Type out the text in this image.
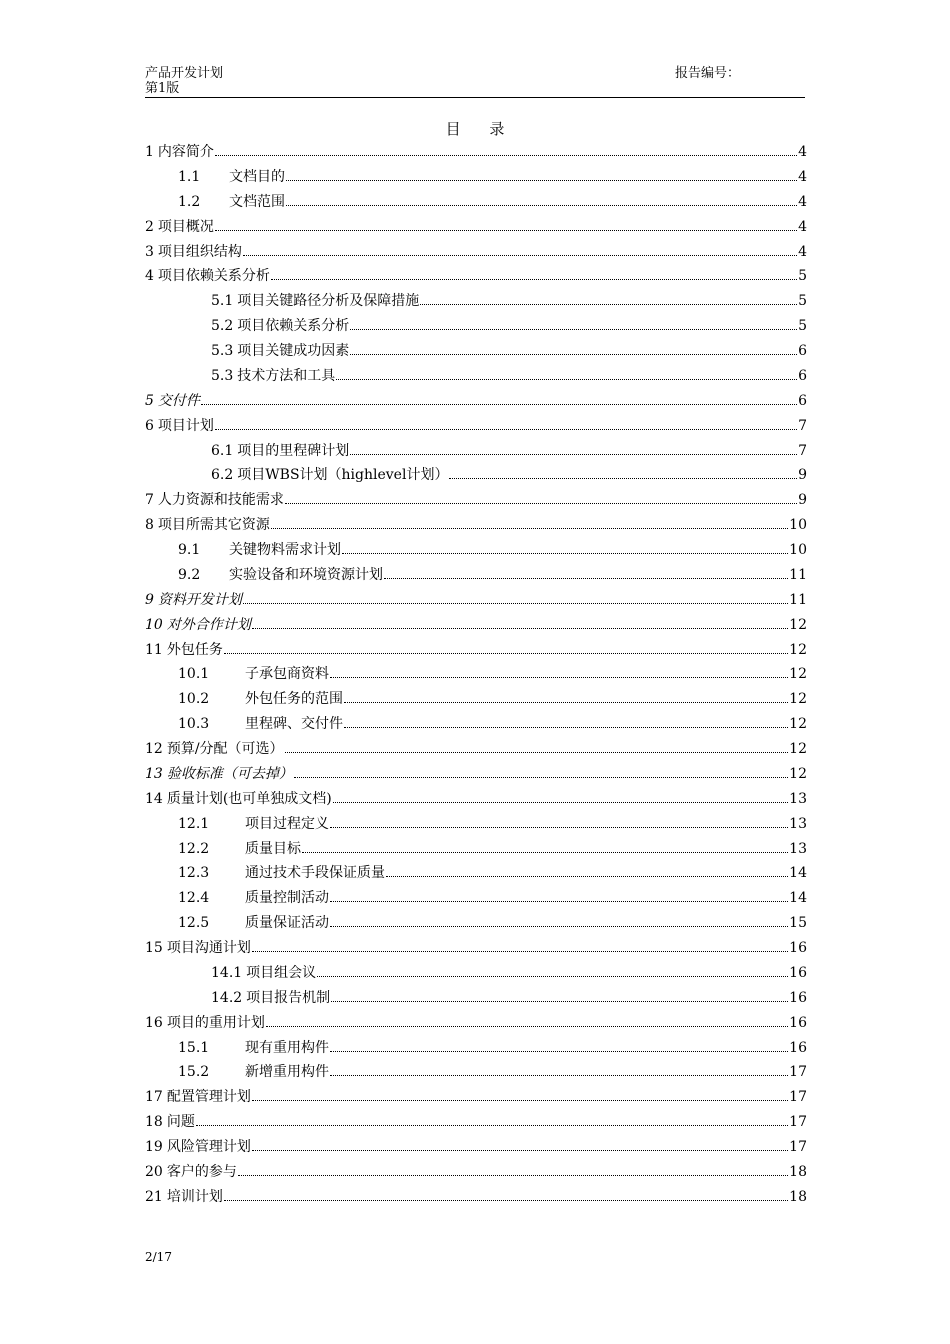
产品开发计划
第1版
报告编号：
目 录
1 内容简介	4
1.1	文档目的	4
1.2	文档范围	4
2 项目概况	4
3 项目组织结构	4
4 项目依赖关系分析	5
5.1 项目关键路径分析及保障措施	5
5.2 项目依赖关系分析	5
5.3 项目关键成功因素	6
5.3 技术方法和工具	6
5 交付件	6
6 项目计划	7
6.1 项目的里程碑计划	7
6.2 项目WBS计划（highlevel计划）	9
7 人力资源和技能需求	9
8 项目所需其它资源	10
9.1	关键物料需求计划	10
9.2	实验设备和环境资源计划	11
9 资料开发计划	11
10 对外合作计划	12
11 外包任务	12
10.1	子承包商资料	12
10.2	外包任务的范围	12
10.3	里程碑、交付件	12
12 预算/分配（可选）	12
13 验收标准（可去掉）	12
14 质量计划(也可单独成文档)	13
12.1	项目过程定义	13
12.2	质量目标	13
12.3	通过技术手段保证质量	14
12.4	质量控制活动	14
12.5	质量保证活动	15
15 项目沟通计划	16
14.1 项目组会议	16
14.2 项目报告机制	16
16 项目的重用计划	16
15.1	现有重用构件	16
15.2	新增重用构件	17
17 配置管理计划	17
18 问题	17
19 风险管理计划	17
20 客户的参与	18
21 培训计划	18
2/17
